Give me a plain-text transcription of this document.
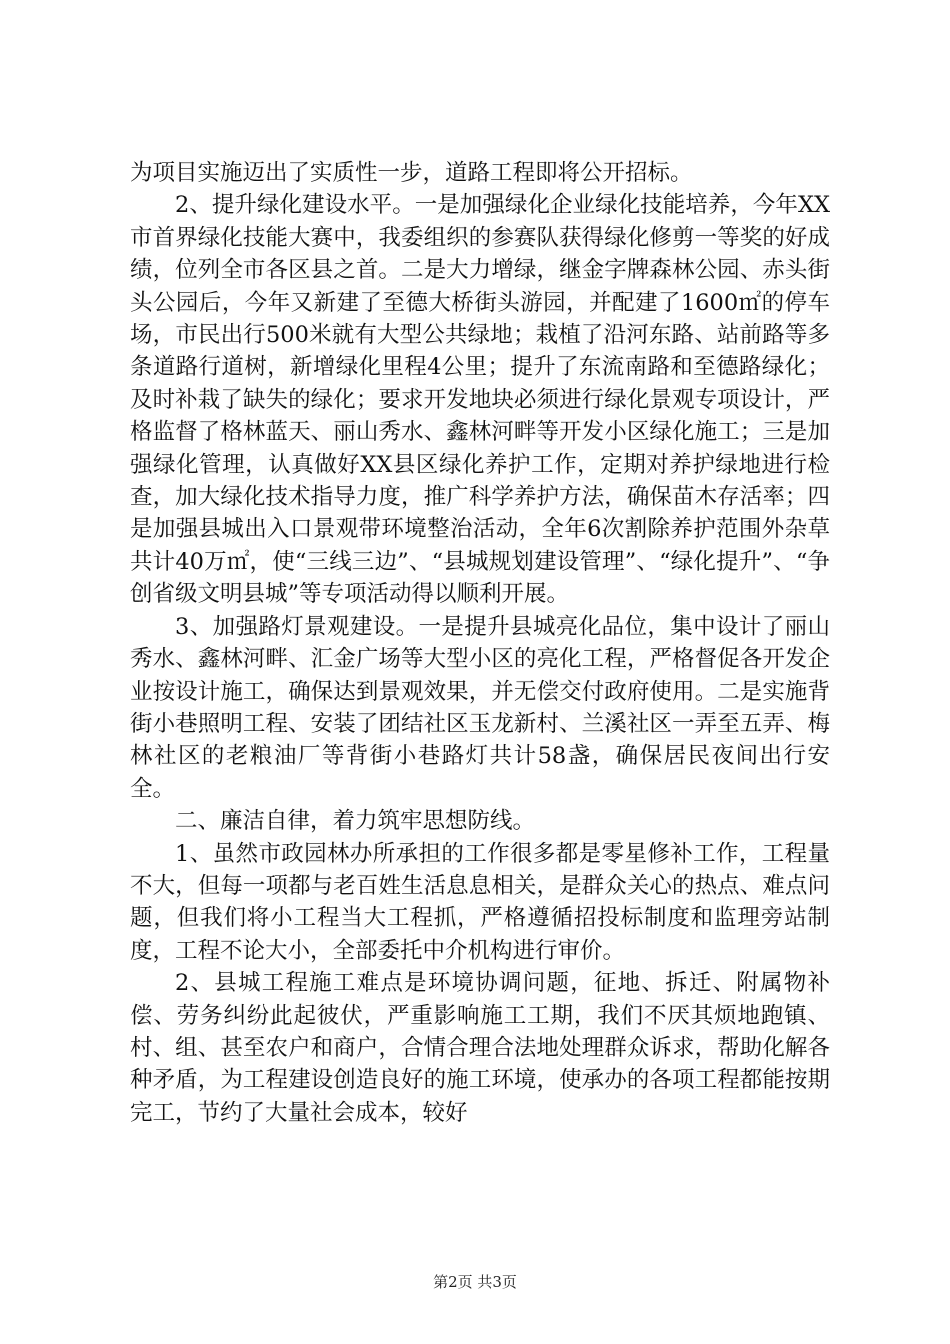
为项目实施迈出了实质性一步，道路工程即将公开招标。

2、提升绿化建设水平。一是加强绿化企业绿化技能培养，今年XX市首界绿化技能大赛中，我委组织的参赛队获得绿化修剪一等奖的好成绩，位列全市各区县之首。二是大力增绿，继金字牌森林公园、赤头街头公园后，今年又新建了至德大桥街头游园，并配建了1600㎡的停车场，市民出行500米就有大型公共绿地；栽植了沿河东路、站前路等多条道路行道树，新增绿化里程4公里；提升了东流南路和至德路绿化；及时补栽了缺失的绿化；要求开发地块必须进行绿化景观专项设计，严格监督了格林蓝天、丽山秀水、鑫林河畔等开发小区绿化施工；三是加强绿化管理，认真做好XX县区绿化养护工作，定期对养护绿地进行检查，加大绿化技术指导力度，推广科学养护方法，确保苗木存活率；四是加强县城出入口景观带环境整治活动，全年6次割除养护范围外杂草共计40万㎡，使“三线三边”、“县城规划建设管理”、“绿化提升”、“争创省级文明县城”等专项活动得以顺利开展。

3、加强路灯景观建设。一是提升县城亮化品位，集中设计了丽山秀水、鑫林河畔、汇金广场等大型小区的亮化工程，严格督促各开发企业按设计施工，确保达到景观效果，并无偿交付政府使用。二是实施背街小巷照明工程、安装了团结社区玉龙新村、兰溪社区一弄至五弄、梅林社区的老粮油厂等背街小巷路灯共计58盏，确保居民夜间出行安全。

二、廉洁自律，着力筑牢思想防线。

1、虽然市政园林办所承担的工作很多都是零星修补工作，工程量不大，但每一项都与老百姓生活息息相关，是群众关心的热点、难点问题，但我们将小工程当大工程抓，严格遵循招投标制度和监理旁站制度，工程不论大小，全部委托中介机构进行审价。

2、县城工程施工难点是环境协调问题，征地、拆迁、附属物补偿、劳务纠纷此起彼伏，严重影响施工工期，我们不厌其烦地跑镇、村、组、甚至农户和商户，合情合理合法地处理群众诉求，帮助化解各种矛盾，为工程建设创造良好的施工环境，使承办的各项工程都能按期完工，节约了大量社会成本，较好

第2页 共3页
